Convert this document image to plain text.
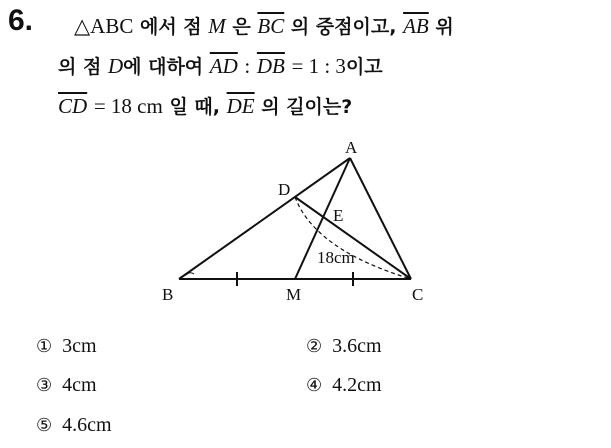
6. △ABC 에서 점 M 은 $\overline{BC}$ 의 중점이고, $\overline{AB}$ 위
의 점 D에 대하여 $\overline{AD}$ : $\overline{DB} = 1$ : 3이고
$\overline{CD} = 18$ cm 일 때, $\overline{DE}$ 의 길이는?
A
B	C
D
E
M
18cm
① 3cm	② 3.6cm
③ 4cm	④ 4.2cm
⑤ 4.6cm
